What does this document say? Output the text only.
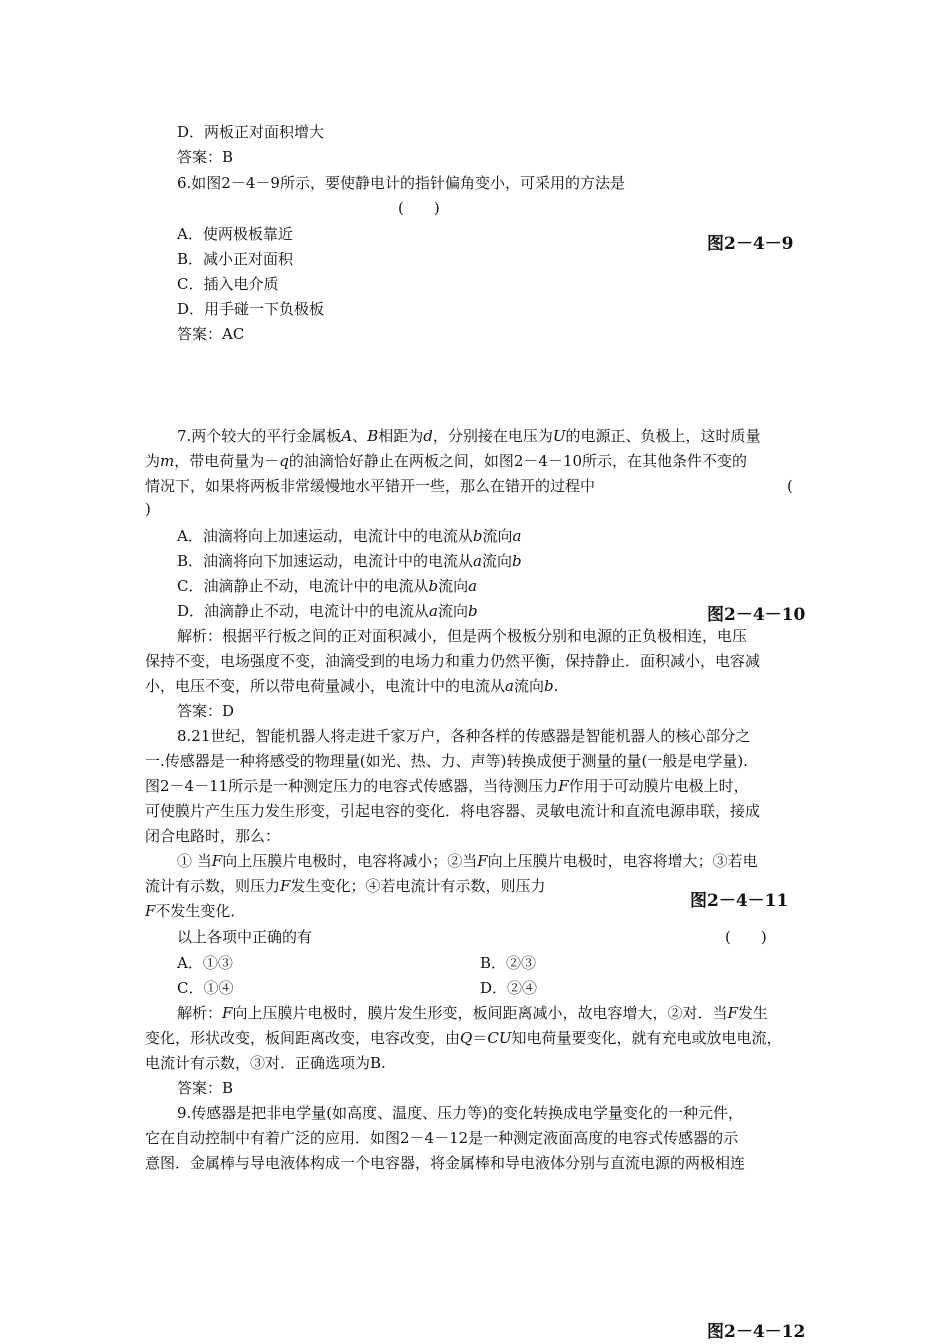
D．两板正对面积增大
答案：B
6.如图2－4－9所示，要使静电计的指针偏角变小，可采用的方法是
(　　)
A．使两极板靠近	图2－4－9
B．减小正对面积
C．插入电介质
D．用手碰一下负极板
答案：AC
7.两个较大的平行金属板A、B相距为d，分别接在电压为U的电源正、负极上，这时质量
为m，带电荷量为－q的油滴恰好静止在两板之间，如图2－4－10所示，在其他条件不变的
情况下，如果将两板非常缓慢地水平错开一些，那么在错开的过程中	(
)
A．油滴将向上加速运动，电流计中的电流从b流向a
B．油滴将向下加速运动，电流计中的电流从a流向b
C．油滴静止不动，电流计中的电流从b流向a
D．油滴静止不动，电流计中的电流从a流向b	图2－4－10
解析：根据平行板之间的正对面积减小，但是两个极板分别和电源的正负极相连，电压
保持不变，电场强度不变，油滴受到的电场力和重力仍然平衡，保持静止．面积减小，电容减
小，电压不变，所以带电荷量减小，电流计中的电流从a流向b.
答案：D
8.21世纪，智能机器人将走进千家万户，各种各样的传感器是智能机器人的核心部分之
一.传感器是一种将感受的物理量(如光、热、力、声等)转换成便于测量的量(一般是电学量).
图2－4－11所示是一种测定压力的电容式传感器，当待测压力F作用于可动膜片电极上时，
可使膜片产生压力发生形变，引起电容的变化．将电容器、灵敏电流计和直流电源串联，接成
闭合电路时，那么：
① 当F向上压膜片电极时，电容将减小；②当F向上压膜片电极时，电容将增大；③若电
流计有示数，则压力F发生变化；④若电流计有示数，则压力
图2－4－11
F不发生变化．
以上各项中正确的有	(　　)
A．①③	B．②③
C．①④	D．②④
解析：F向上压膜片电极时，膜片发生形变，板间距离减小，故电容增大，②对．当F发生
变化，形状改变，板间距离改变，电容改变，由Q＝CU知电荷量要变化，就有充电或放电电流，
电流计有示数，③对．正确选项为B.
答案：B
9.传感器是把非电学量(如高度、温度、压力等)的变化转换成电学量变化的一种元件，
它在自动控制中有着广泛的应用．如图2－4－12是一种测定液面高度的电容式传感器的示
意图．金属棒与导电液体构成一个电容器，将金属棒和导电液体分别与直流电源的两极相连
图2－4－12
